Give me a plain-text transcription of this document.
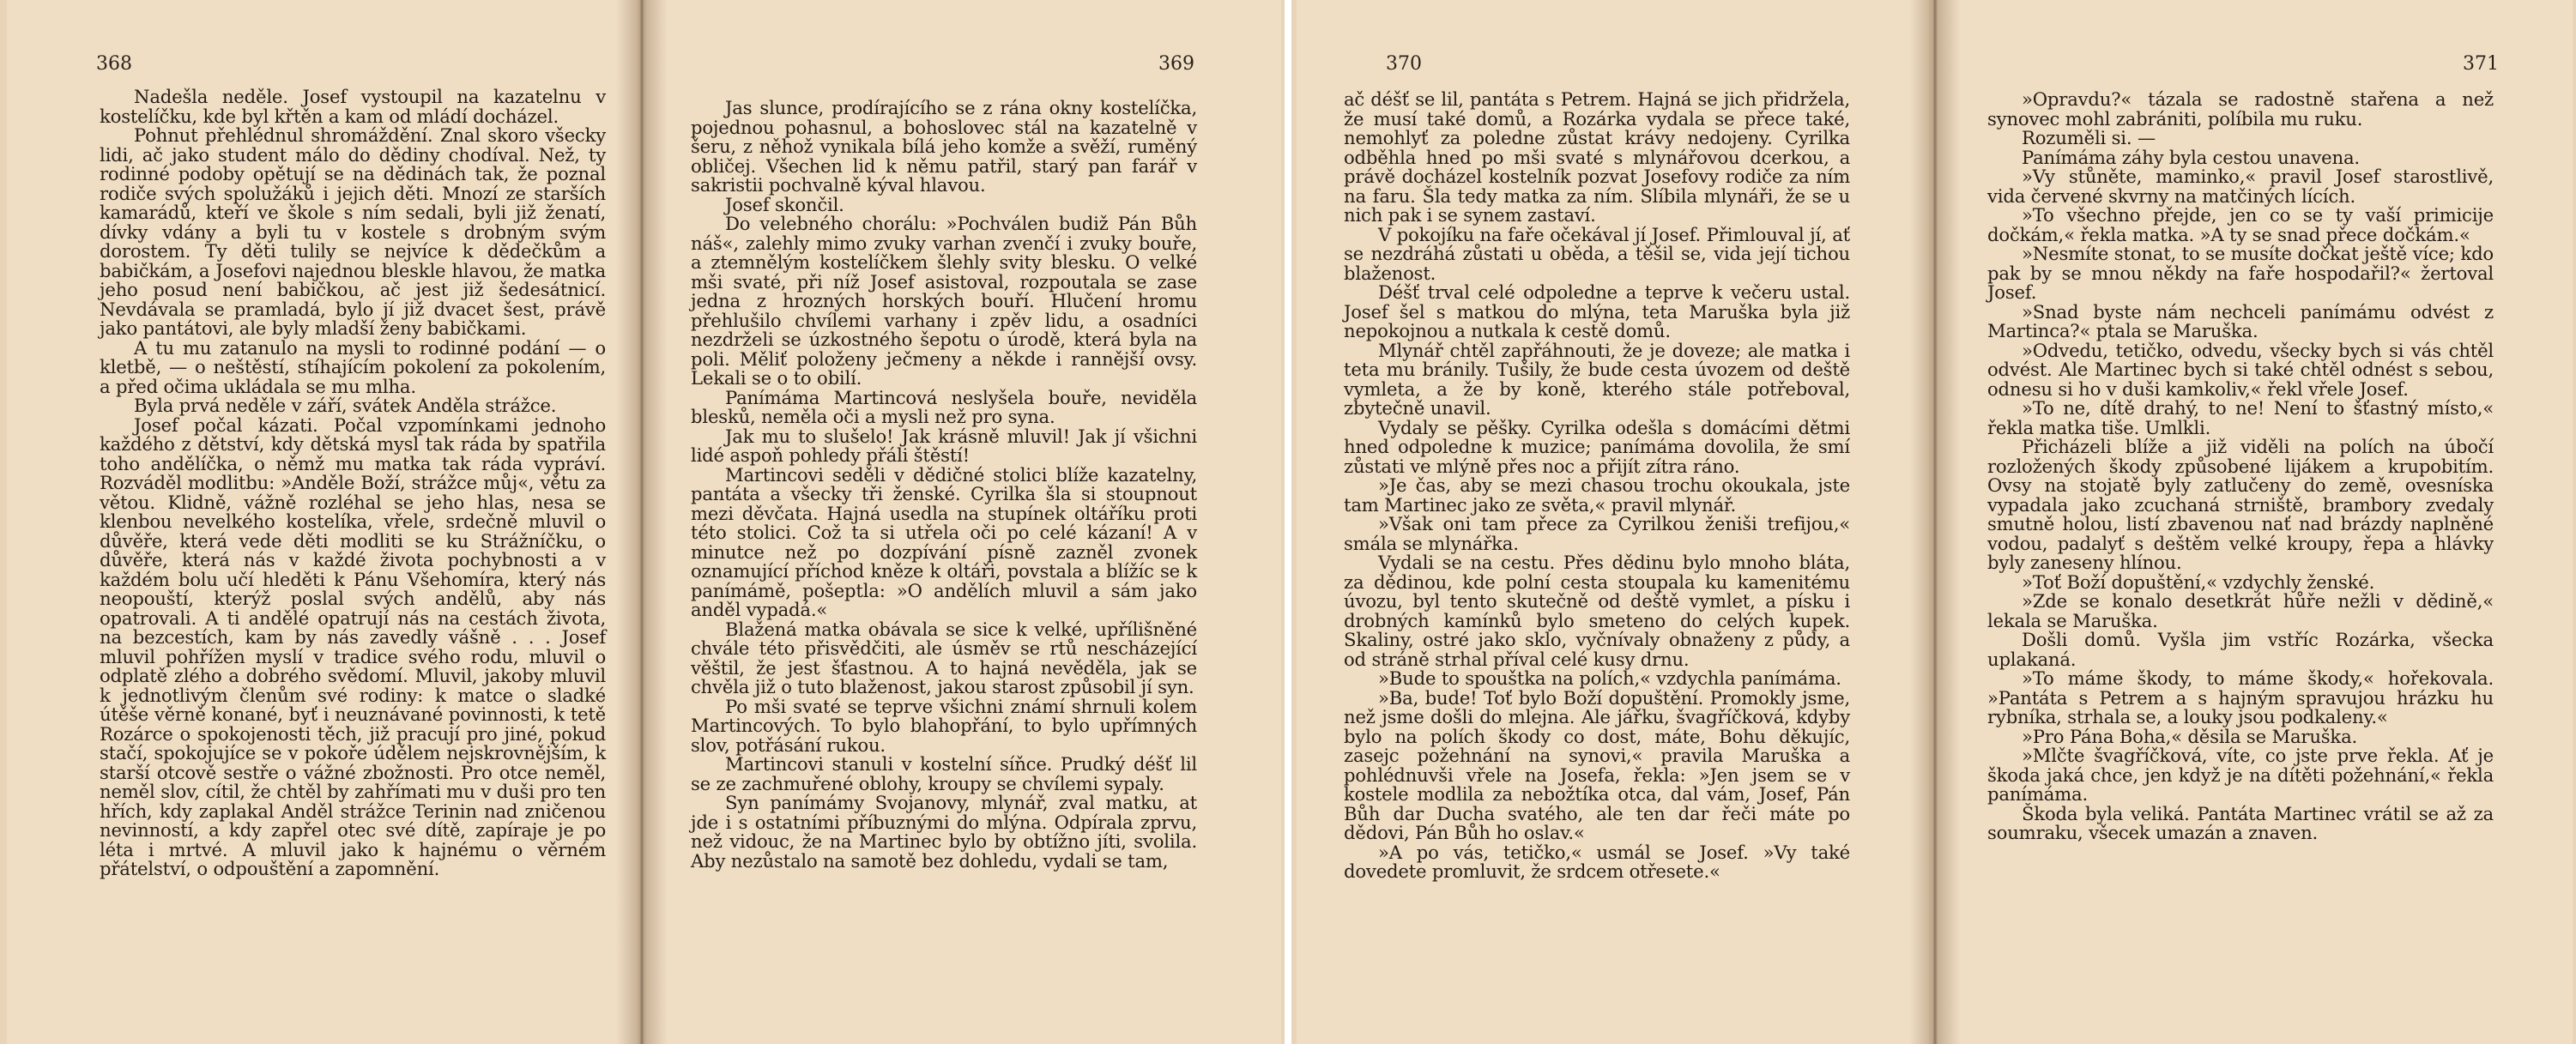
368

Nadešla neděle. Josef vystoupil na kazatelnu v kostelíčku, kde byl křtěn a kam od mládí docházel.

Pohnut přehlédnul shromáždění. Znal skoro všecky lidi, ač jako student málo do dědiny chodíval. Než, ty rodinné podoby opětují se na dědinách tak, že poznal rodiče svých spolužáků i jejich děti. Mnozí ze starších kamarádů, kteří ve škole s ním sedali, byli již ženatí, dívky vdány a byli tu v kostele s drobným svým dorostem. Ty děti tulily se nejvíce k dědečkům a babičkám, a Josefovi najednou bleskle hlavou, že matka jeho posud není babičkou, ač jest již šedesátnicí. Nevdávala se pramladá, bylo jí již dvacet šest, právě jako pantátovi, ale byly mladší ženy babičkami.

A tu mu zatanulo na mysli to rodinné podání — o kletbě, — o neštěstí, stíhajícím pokolení za pokolením, a před očima ukládala se mu mlha.

Byla prvá neděle v září, svátek Anděla strážce.

Josef počal kázati. Počal vzpomínkami jednoho každého z dětství, kdy dětská mysl tak ráda by spatřila toho andělíčka, o němž mu matka tak ráda vypráví. Rozváděl modlitbu: »Anděle Boží, strážce můj«, větu za větou. Klidně, vážně rozléhal se jeho hlas, nesa se klenbou nevelkého kostelíka, vřele, srdečně mluvil o důvěře, která vede děti modliti se ku Strážníčku, o důvěře, která nás v každé života pochybnosti a v každém bolu učí hleděti k Pánu Všehomíra, který nás neopouští, kterýž poslal svých andělů, aby nás opatrovali. A ti andělé opatrují nás na cestách života, na bezcestích, kam by nás zavedly vášně . . . Josef mluvil pohřížen myslí v tradice svého rodu, mluvil o odplatě zlého a dobrého svědomí. Mluvil, jakoby mluvil k jednotlivým členům své rodiny: k matce o sladké útěše věrně konané, byť i neuznávané povinnosti, k tetě Rozárce o spokojenosti těch, již pracují pro jiné, pokud stačí, spokojujíce se v pokoře údělem nejskrovnějším, k starší otcově sestře o vážné zbožnosti. Pro otce neměl, neměl slov, cítil, že chtěl by zahřímati mu v duši pro ten hřích, kdy zaplakal Anděl strážce Terinin nad zničenou nevinností, a kdy zapřel otec své dítě, zapíraje je po léta i mrtvé. A mluvil jako k hajnému o věrném přátelství, o odpouštění a zapomnění.

369

Jas slunce, prodírajícího se z rána okny kostelíčka, pojednou pohasnul, a bohoslovec stál na kazatelně v šeru, z něhož vynikala bílá jeho komže a svěží, ruměný obličej. Všechen lid k němu patřil, starý pan farář v sakristii pochvalně kýval hlavou.

Josef skončil.

Do velebného chorálu: »Pochválen budiž Pán Bůh náš«, zalehly mimo zvuky varhan zvenčí i zvuky bouře, a ztemnělým kostelíčkem šlehly svity blesku. O velké mši svaté, při níž Josef asistoval, rozpoutala se zase jedna z hrozných horských bouří. Hlučení hromu přehlušilo chvílemi varhany i zpěv lidu, a osadníci nezdrželi se úzkostného šepotu o úrodě, která byla na poli. Měliť položeny ječmeny a někde i rannější ovsy. Lekali se o to obilí.

Panímáma Martincová neslyšela bouře, neviděla blesků, neměla oči a mysli než pro syna.

Jak mu to slušelo! Jak krásně mluvil! Jak jí všichni lidé aspoň pohledy přáli štěstí!

Martincovi seděli v dědičné stolici blíže kazatelny, pantáta a všecky tři ženské. Cyrilka šla si stoupnout mezi děvčata. Hajná usedla na stupínek oltáříku proti této stolici. Což ta si utřela oči po celé kázaní! A v minutce než po dozpívání písně zazněl zvonek oznamující příchod kněze k oltáři, povstala a blížíc se k panímámě, pošeptla: »O andělích mluvil a sám jako anděl vypadá.«

Blažená matka obávala se sice k velké, upřílišněné chvále této přisvědčiti, ale úsměv se rtů nescházející věštil, že jest šťastnou. A to hajná nevěděla, jak se chvěla již o tuto blaženost, jakou starost způsobil jí syn.

Po mši svaté se teprve všichni známí shrnuli kolem Martincových. To bylo blahopřání, to bylo upřímných slov, potřásání rukou.

Martincovi stanuli v kostelní síňce. Prudký déšť lil se ze zachmuřené oblohy, kroupy se chvílemi sypaly.

Syn panímámy Svojanovy, mlynář, zval matku, at jde i s ostatními příbuznými do mlýna. Odpírala zprvu, než vidouc, že na Martinec bylo by obtížno jíti, svolila. Aby nezůstalo na samotě bez dohledu, vydali se tam,

370

ač déšť se lil, pantáta s Petrem. Hajná se jich přidržela, že musí také domů, a Rozárka vydala se přece také, nemohlyť za poledne zůstat krávy nedojeny. Cyrilka odběhla hned po mši svaté s mlynářovou dcerkou, a právě docházel kostelník pozvat Josefovy rodiče za ním na faru. Šla tedy matka za ním. Slíbila mlynáři, že se u nich pak i se synem zastaví.

V pokojíku na faře očekával jí Josef. Přimlouval jí, ať se nezdráhá zůstati u oběda, a těšil se, vida její tichou blaženost.

Déšť trval celé odpoledne a teprve k večeru ustal. Josef šel s matkou do mlýna, teta Maruška byla již nepokojnou a nutkala k cestě domů.

Mlynář chtěl zapřáhnouti, že je doveze; ale matka i teta mu bránily. Tušily, že bude cesta úvozem od deště vymleta, a že by koně, kterého stále potřeboval, zbytečně unavil.

Vydaly se pěšky. Cyrilka odešla s domácími dětmi hned odpoledne k muzice; panímáma dovolila, že smí zůstati ve mlýně přes noc a přijít zítra ráno.

»Je čas, aby se mezi chasou trochu okoukala, jste tam Martinec jako ze světa,« pravil mlynář.

»Však oni tam přece za Cyrilkou ženiši trefijou,« smála se mlynářka.

Vydali se na cestu. Přes dědinu bylo mnoho bláta, za dědinou, kde polní cesta stoupala ku kamenitému úvozu, byl tento skutečně od deště vymlet, a písku i drobných kamínků bylo smeteno do celých kupek. Skaliny, ostré jako sklo, vyčnívaly obnaženy z půdy, a od stráně strhal příval celé kusy drnu.

»Bude to spouštka na polích,« vzdychla panímáma.

»Ba, bude! Toť bylo Boží dopuštění. Promokly jsme, než jsme došli do mlejna. Ale jářku, švagříčková, kdyby bylo na polích škody co dost, máte, Bohu děkujíc, zasejc požehnání na synovi,« pravila Maruška a pohlédnuvši vřele na Josefa, řekla: »Jen jsem se v kostele modlila za nebožtíka otca, dal vám, Josef, Pán Bůh dar Ducha svatého, ale ten dar řeči máte po dědovi, Pán Bůh ho oslav.«

»A po vás, tetičko,« usmál se Josef. »Vy také dovedete promluvit, že srdcem otřesete.«

371

»Opravdu?« tázala se radostně stařena a než synovec mohl zabrániti, políbila mu ruku.

Rozuměli si. —

Panímáma záhy byla cestou unavena.

»Vy stůněte, maminko,« pravil Josef starostlivě, vida červené skvrny na matčiných lících.

»To všechno přejde, jen co se ty vaší primicije dočkám,« řekla matka. »A ty se snad přece dočkám.«

»Nesmíte stonat, to se musíte dočkat ještě více; kdo pak by se mnou někdy na faře hospodařil?« žertoval Josef.

»Snad byste nám nechceli panímámu odvést z Martinca?« ptala se Maruška.

»Odvedu, tetičko, odvedu, všecky bych si vás chtěl odvést. Ale Martinec bych si také chtěl odnést s sebou, odnesu si ho v duši kamkoliv,« řekl vřele Josef.

»To ne, dítě drahý, to ne! Není to šťastný místo,« řekla matka tiše. Umlkli.

Přicházeli blíže a již viděli na polích na úbočí rozložených škody způsobené lijákem a krupobitím. Ovsy na stojatě byly zatlučeny do země, ovesníska vypadala jako zcuchaná strniště, brambory zvedaly smutně holou, listí zbavenou nať nad brázdy naplněné vodou, padalyť s deštěm velké kroupy, řepa a hlávky byly zaneseny hlínou.

»Toť Boží dopuštění,« vzdychly ženské.

»Zde se konalo desetkrát hůře nežli v dědině,« lekala se Maruška.

Došli domů. Vyšla jim vstříc Rozárka, všecka uplakaná.

»To máme škody, to máme škody,« hořekovala. »Pantáta s Petrem a s hajným spravujou hrázku hu rybníka, strhala se, a louky jsou podkaleny.«

»Pro Pána Boha,« děsila se Maruška.

»Mlčte švagříčková, víte, co jste prve řekla. Ať je škoda jaká chce, jen když je na dítěti požehnání,« řekla panímáma.

Škoda byla veliká. Pantáta Martinec vrátil se až za soumraku, všecek umazán a znaven.
